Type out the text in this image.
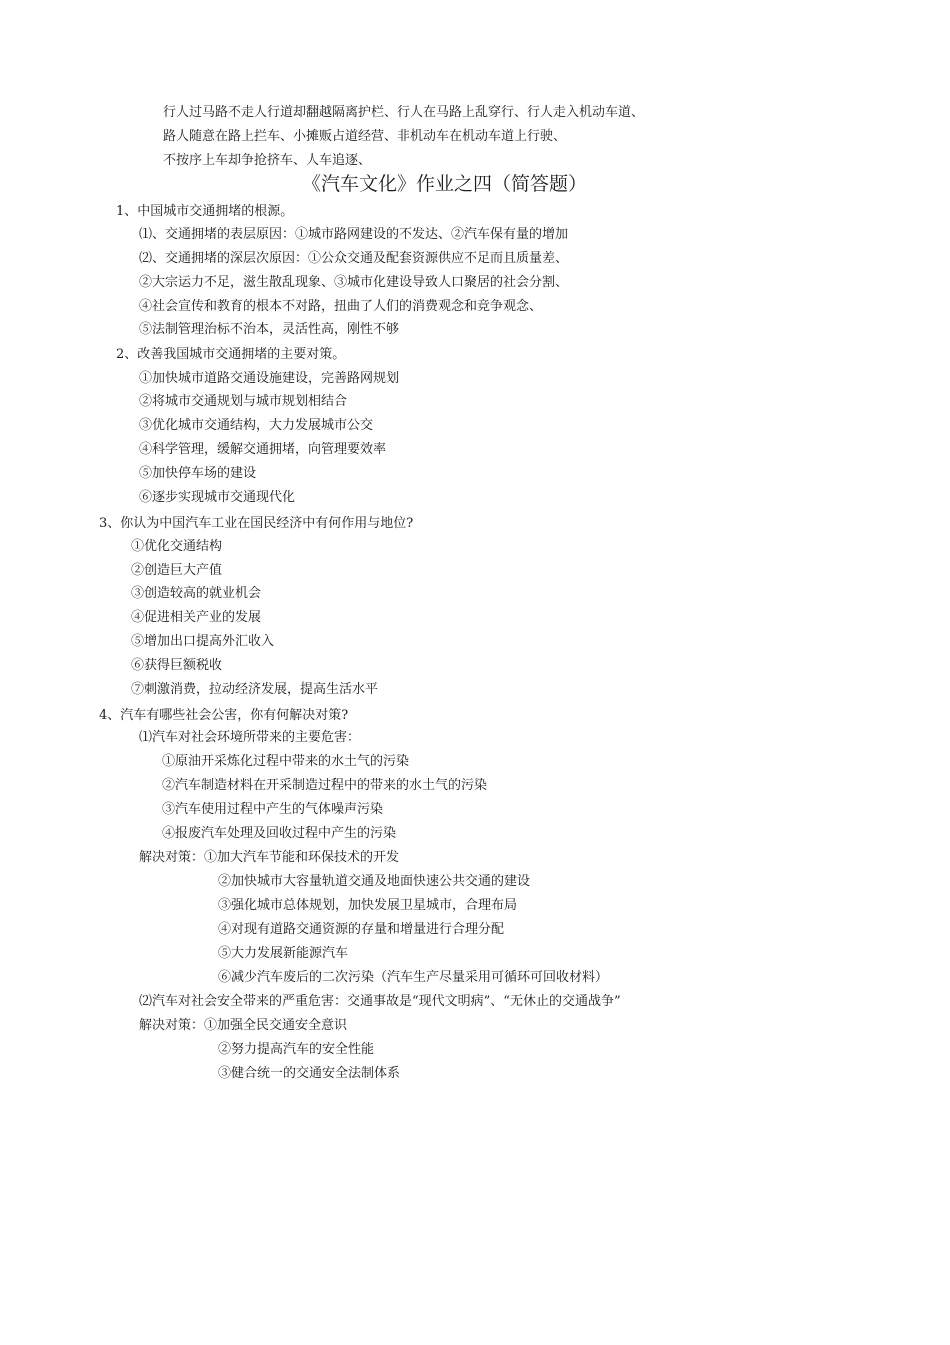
行人过马路不走人行道却翻越隔离护栏、行人在马路上乱穿行、行人走入机动车道、
路人随意在路上拦车、小摊贩占道经营、非机动车在机动车道上行驶、
不按序上车却争抢挤车、人车追逐、
《汽车文化》作业之四（简答题）
1、中国城市交通拥堵的根源。
⑴、交通拥堵的表层原因：①城市路网建设的不发达、②汽车保有量的增加
⑵、交通拥堵的深层次原因：①公众交通及配套资源供应不足而且质量差、
②大宗运力不足，滋生散乱现象、③城市化建设导致人口聚居的社会分割、
④社会宣传和教育的根本不对路，扭曲了人们的消费观念和竞争观念、
⑤法制管理治标不治本，灵活性高，刚性不够
2、改善我国城市交通拥堵的主要对策。
①加快城市道路交通设施建设，完善路网规划
②将城市交通规划与城市规划相结合
③优化城市交通结构，大力发展城市公交
④科学管理，缓解交通拥堵，向管理要效率
⑤加快停车场的建设
⑥逐步实现城市交通现代化
3、你认为中国汽车工业在国民经济中有何作用与地位?
①优化交通结构
②创造巨大产值
③创造较高的就业机会
④促进相关产业的发展
⑤增加出口提高外汇收入
⑥获得巨额税收
⑦刺激消费，拉动经济发展，提高生活水平
4、汽车有哪些社会公害，你有何解决对策?
⑴汽车对社会环境所带来的主要危害：
①原油开采炼化过程中带来的水土气的污染
②汽车制造材料在开采制造过程中的带来的水土气的污染
③汽车使用过程中产生的气体噪声污染
④报废汽车处理及回收过程中产生的污染
解决对策：①加大汽车节能和环保技术的开发
②加快城市大容量轨道交通及地面快速公共交通的建设
③强化城市总体规划，加快发展卫星城市，合理布局
④对现有道路交通资源的存量和增量进行合理分配
⑤大力发展新能源汽车
⑥减少汽车废后的二次污染（汽车生产尽量采用可循环可回收材料）
⑵汽车对社会安全带来的严重危害：交通事故是“现代文明病”、“无休止的交通战争”
解决对策：①加强全民交通安全意识
②努力提高汽车的安全性能
③健合统一的交通安全法制体系
